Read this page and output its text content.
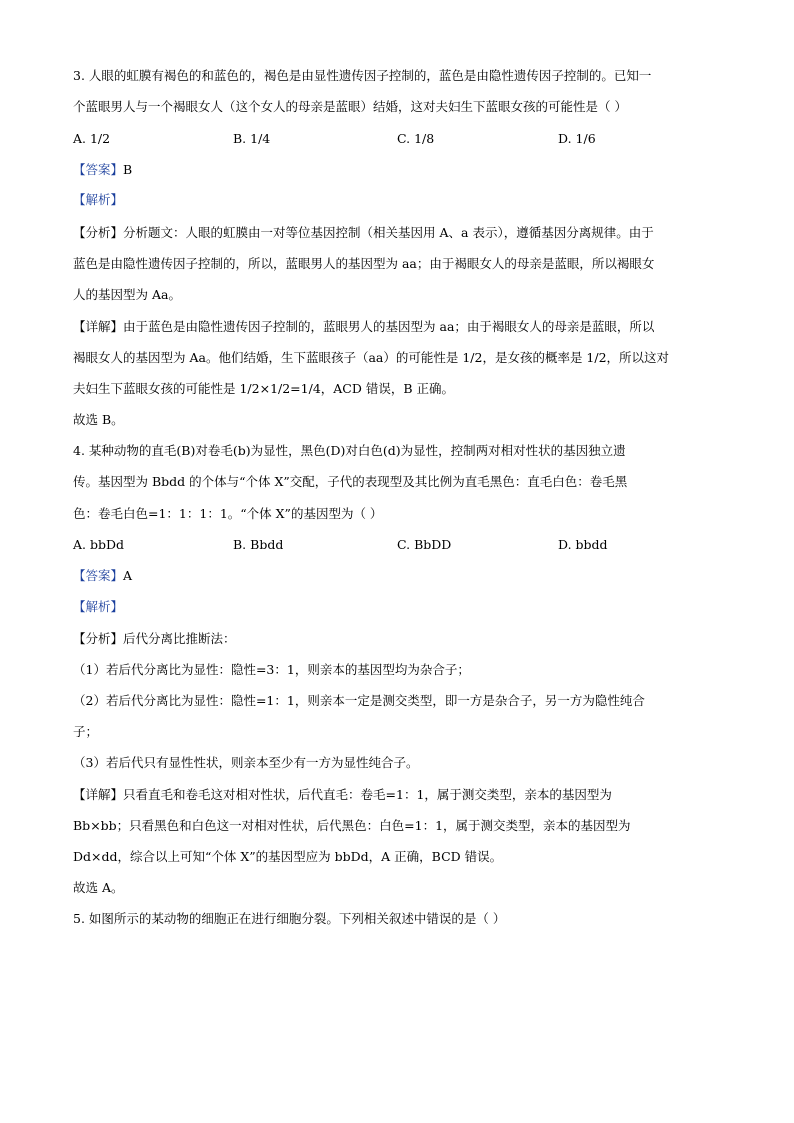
3. 人眼的虹膜有褐色的和蓝色的，褐色是由显性遗传因子控制的，蓝色是由隐性遗传因子控制的。已知一
个蓝眼男人与一个褐眼女人（这个女人的母亲是蓝眼）结婚，这对夫妇生下蓝眼女孩的可能性是（ ）
A. 1/2	B. 1/4	C. 1/8	D. 1/6
【答案】B
【解析】
【分析】分析题文：人眼的虹膜由一对等位基因控制（相关基因用 A、a 表示），遵循基因分离规律。由于
蓝色是由隐性遗传因子控制的，所以，蓝眼男人的基因型为 aa；由于褐眼女人的母亲是蓝眼，所以褐眼女
人的基因型为 Aa。
【详解】由于蓝色是由隐性遗传因子控制的，蓝眼男人的基因型为 aa；由于褐眼女人的母亲是蓝眼，所以
褐眼女人的基因型为 Aa。他们结婚，生下蓝眼孩子（aa）的可能性是 1/2，是女孩的概率是 1/2，所以这对
夫妇生下蓝眼女孩的可能性是 1/2×1/2=1/4，ACD 错误，B 正确。
故选 B。
4. 某种动物的直毛(B)对卷毛(b)为显性，黑色(D)对白色(d)为显性，控制两对相对性状的基因独立遗
传。基因型为 Bbdd 的个体与“个体 X”交配，子代的表现型及其比例为直毛黑色：直毛白色：卷毛黑
色：卷毛白色=1：1：1：1。“个体 X”的基因型为（ ）
A. bbDd	B. Bbdd	C. BbDD	D. bbdd
【答案】A
【解析】
【分析】后代分离比推断法：
（1）若后代分离比为显性：隐性=3：1，则亲本的基因型均为杂合子；
（2）若后代分离比为显性：隐性=1：1，则亲本一定是测交类型，即一方是杂合子，另一方为隐性纯合
子；
（3）若后代只有显性性状，则亲本至少有一方为显性纯合子。
【详解】只看直毛和卷毛这对相对性状，后代直毛：卷毛=1：1，属于测交类型，亲本的基因型为
Bb×bb；只看黑色和白色这一对相对性状，后代黑色：白色=1：1，属于测交类型，亲本的基因型为
Dd×dd，综合以上可知“个体 X”的基因型应为 bbDd，A 正确，BCD 错误。
故选 A。
5. 如图所示的某动物的细胞正在进行细胞分裂。下列相关叙述中错误的是（ ）
